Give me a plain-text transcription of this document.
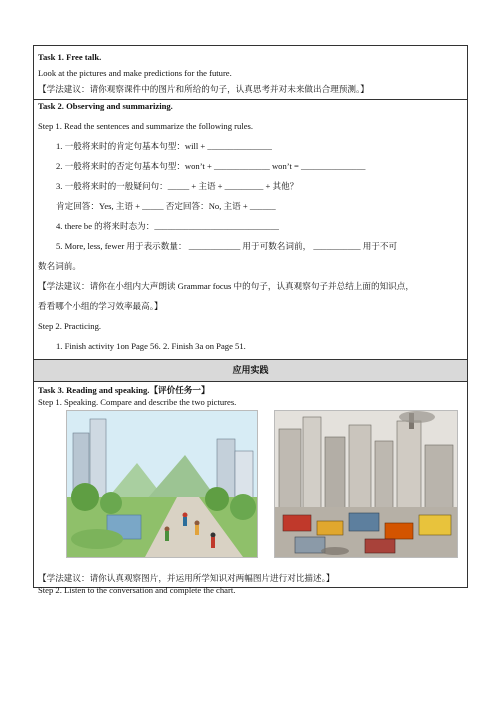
Task 1. Free talk.
Look at the pictures and make predictions for the future.
【学法建议：请你观察课件中的图片和所给的句子，认真思考并对未来做出合理预测。】
Task 2. Observing and summarizing.
Step 1. Read the sentences and summarize the following rules.
1. 一般将来时的肯定句基本句型：will + _______________
2. 一般将来时的否定句基本句型：won’t + _____________ won’t = _______________
3. 一般将来时的一般疑问句：_____ + 主语 + _________ + 其他？
肯定回答：Yes, 主语 + _____ 否定回答：No, 主语 + ______
4. there be 的将来时态为：_____________________________
5. More, less, fewer 用于表示数量： ____________ 用于可数名词前， ___________ 用于不可
数名词前。
【学法建议：请你在小组内大声朗读 Grammar focus 中的句子，认真观察句子并总结上面的知识点，
看看哪个小组的学习效率最高。】
Step 2. Practicing.
1. Finish activity 1on Page 56. 2. Finish 3a on Page 51.
应用实践
Task 3. Reading and speaking.【评价任务一】
Step 1. Speaking. Compare and describe the two pictures.
【学法建议：请你认真观察图片，并运用所学知识对两幅图片进行对比描述。】
Step 2. Listen to the conversation and complete the chart.
